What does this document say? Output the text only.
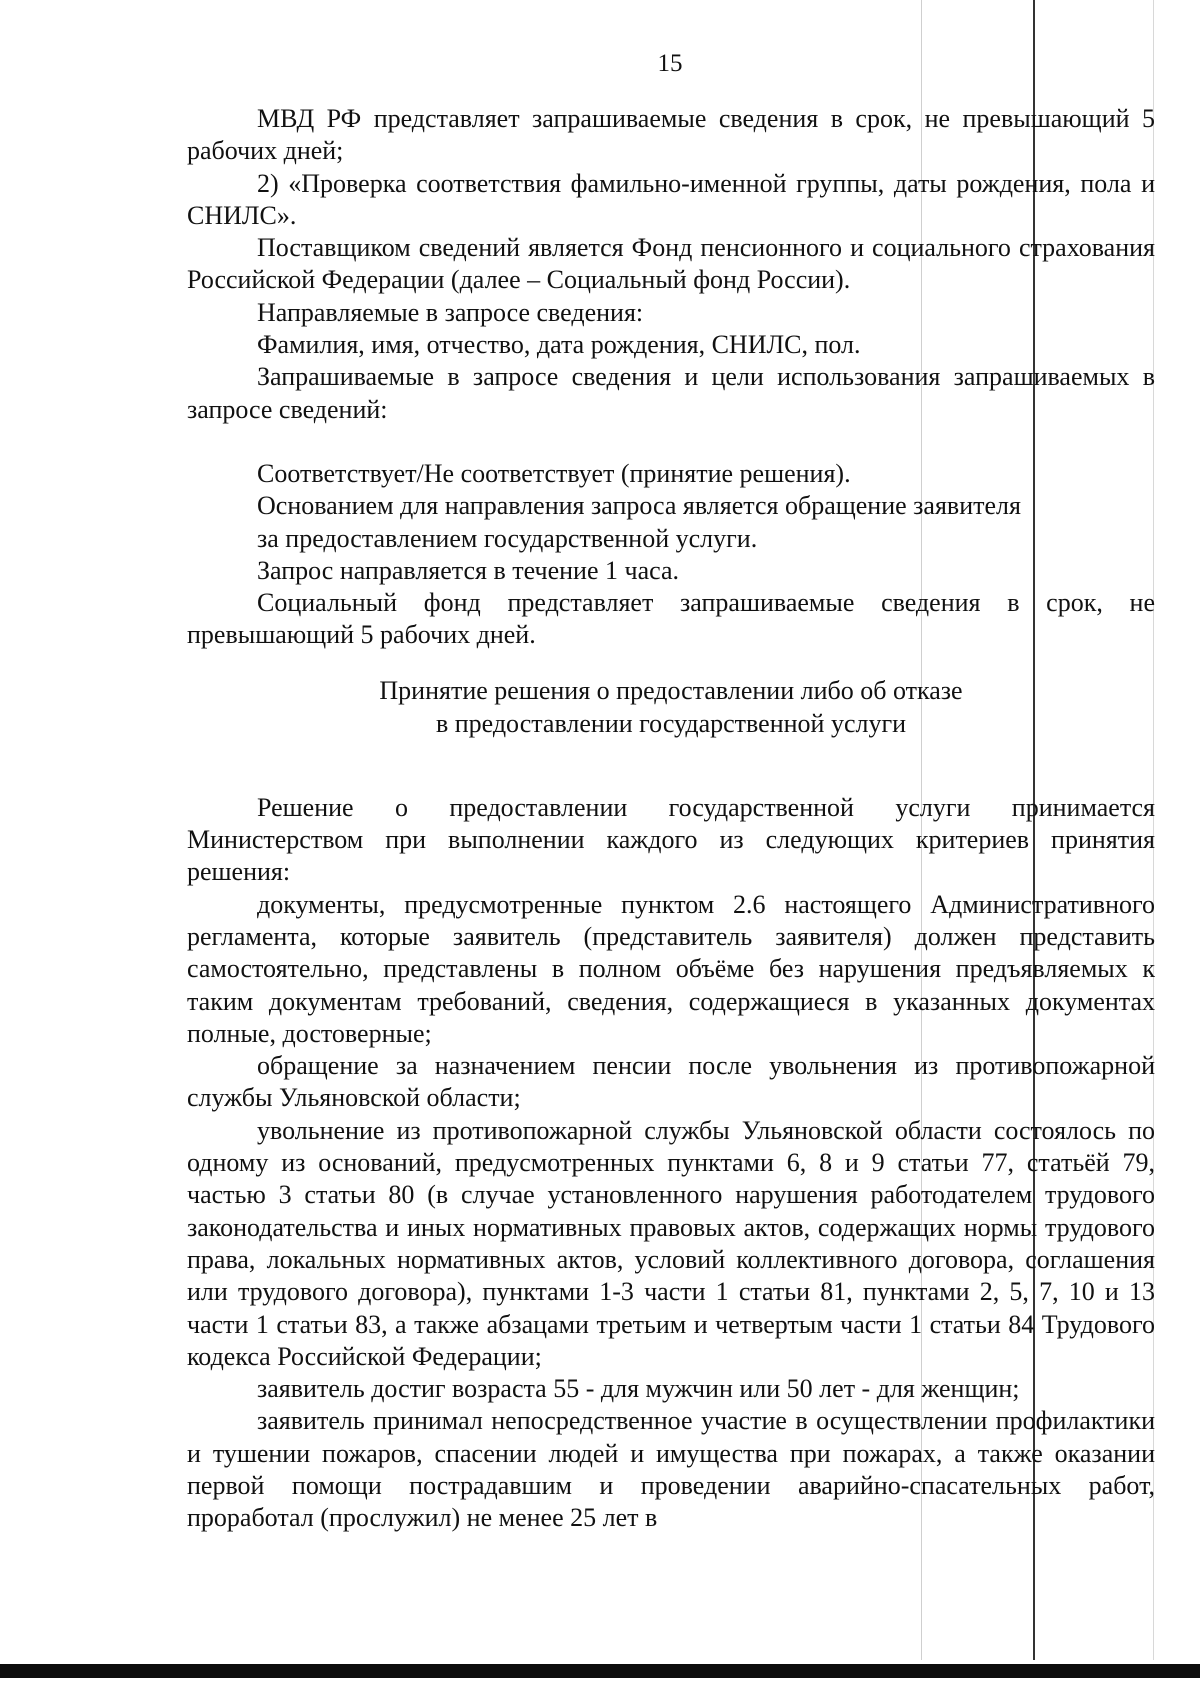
15

МВД РФ представляет запрашиваемые сведения в срок, не превышающий 5 рабочих дней;

2) «Проверка соответствия фамильно-именной группы, даты рождения, пола и СНИЛС».

Поставщиком сведений является Фонд пенсионного и социального страхования Российской Федерации (далее – Социальный фонд России).

Направляемые в запросе сведения:

Фамилия, имя, отчество, дата рождения, СНИЛС, пол.

Запрашиваемые в запросе сведения и цели использования запрашиваемых в запросе сведений:

Соответствует/Не соответствует (принятие решения).

Основанием для направления запроса является обращение заявителя

за предоставлением государственной услуги.

Запрос направляется в течение 1 часа.

Социальный фонд представляет запрашиваемые сведения в срок, не превышающий 5 рабочих дней.

Принятие решения о предоставлении либо об отказе
в предоставлении государственной услуги

Решение о предоставлении государственной услуги принимается Министерством при выполнении каждого из следующих критериев принятия решения:

документы, предусмотренные пунктом 2.6 настоящего Административного регламента, которые заявитель (представитель заявителя) должен представить самостоятельно, представлены в полном объёме без нарушения предъявляемых к таким документам требований, сведения, содержащиеся в указанных документах полные, достоверные;

обращение за назначением пенсии после увольнения из противопожарной службы Ульяновской области;

увольнение из противопожарной службы Ульяновской области состоялось по одному из оснований, предусмотренных пунктами 6, 8 и 9 статьи 77, статьёй 79, частью 3 статьи 80 (в случае установленного нарушения работодателем трудового законодательства и иных нормативных правовых актов, содержащих нормы трудового права, локальных нормативных актов, условий коллективного договора, соглашения или трудового договора), пунктами 1-3 части 1 статьи 81, пунктами 2, 5, 7, 10 и 13 части 1 статьи 83, а также абзацами третьим и четвертым части 1 статьи 84 Трудового кодекса Российской Федерации;

заявитель достиг возраста 55 - для мужчин или 50 лет - для женщин;

заявитель принимал непосредственное участие в осуществлении профилактики и тушении пожаров, спасении людей и имущества при пожарах, а также оказании первой помощи пострадавшим и проведении аварийно-спасательных работ, проработал (прослужил) не менее 25 лет в
